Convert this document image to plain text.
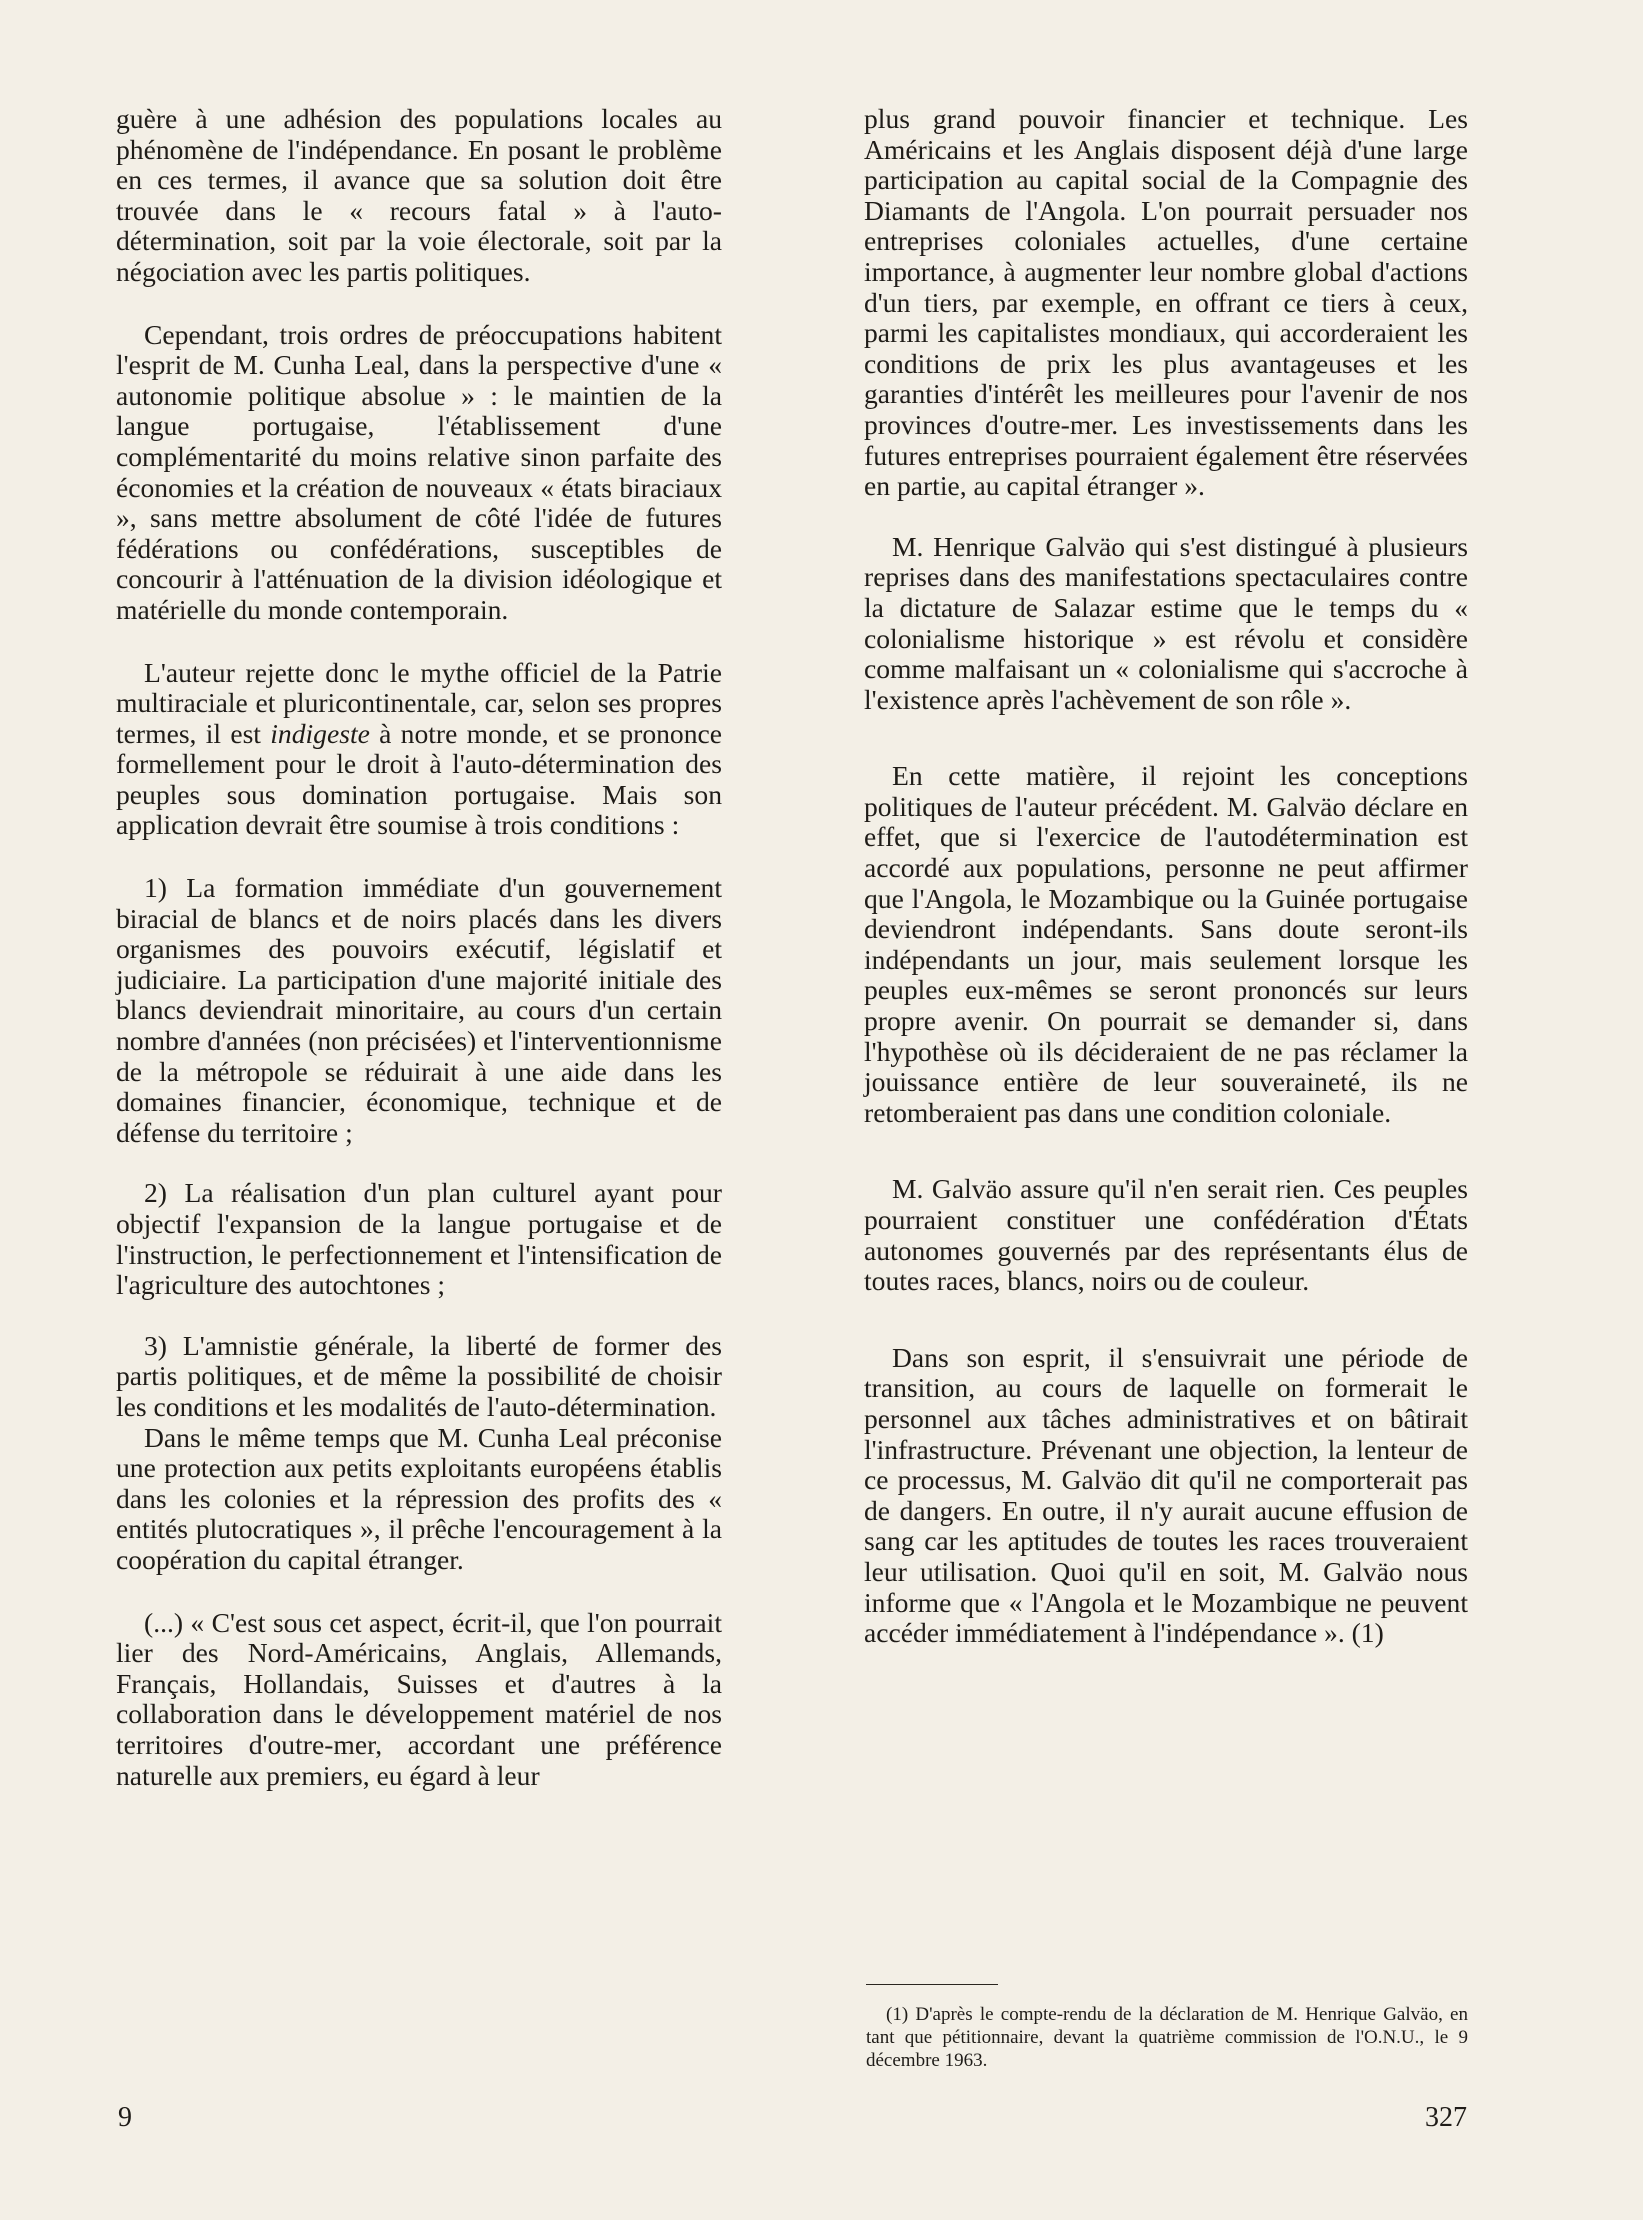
guère à une adhésion des populations locales au phénomène de l'indépendance. En posant le problème en ces termes, il avance que sa solution doit être trouvée dans le « recours fatal » à l'auto-détermination, soit par la voie électorale, soit par la négociation avec les partis politiques.

Cependant, trois ordres de préoccupations habitent l'esprit de M. Cunha Leal, dans la perspective d'une « autonomie politique absolue » : le maintien de la langue portugaise, l'établissement d'une complémentarité du moins relative sinon parfaite des économies et la création de nouveaux « états biraciaux », sans mettre absolument de côté l'idée de futures fédérations ou confédérations, susceptibles de concourir à l'atténuation de la division idéologique et matérielle du monde contemporain.

L'auteur rejette donc le mythe officiel de la Patrie multiraciale et pluricontinentale, car, selon ses propres termes, il est indigeste à notre monde, et se prononce formellement pour le droit à l'auto-détermination des peuples sous domination portugaise. Mais son application devrait être soumise à trois conditions :

1) La formation immédiate d'un gouvernement biracial de blancs et de noirs placés dans les divers organismes des pouvoirs exécutif, législatif et judiciaire. La participation d'une majorité initiale des blancs deviendrait minoritaire, au cours d'un certain nombre d'années (non précisées) et l'interventionnisme de la métropole se réduirait à une aide dans les domaines financier, économique, technique et de défense du territoire ;

2) La réalisation d'un plan culturel ayant pour objectif l'expansion de la langue portugaise et de l'instruction, le perfectionnement et l'intensification de l'agriculture des autochtones ;

3) L'amnistie générale, la liberté de former des partis politiques, et de même la possibilité de choisir les conditions et les modalités de l'auto-détermination.

Dans le même temps que M. Cunha Leal préconise une protection aux petits exploitants européens établis dans les colonies et la répression des profits des « entités plutocratiques », il prêche l'encouragement à la coopération du capital étranger.

(...) « C'est sous cet aspect, écrit-il, que l'on pourrait lier des Nord-Américains, Anglais, Allemands, Français, Hollandais, Suisses et d'autres à la collaboration dans le développement matériel de nos territoires d'outre-mer, accordant une préférence naturelle aux premiers, eu égard à leur

plus grand pouvoir financier et technique. Les Américains et les Anglais disposent déjà d'une large participation au capital social de la Compagnie des Diamants de l'Angola. L'on pourrait persuader nos entreprises coloniales actuelles, d'une certaine importance, à augmenter leur nombre global d'actions d'un tiers, par exemple, en offrant ce tiers à ceux, parmi les capitalistes mondiaux, qui accorderaient les conditions de prix les plus avantageuses et les garanties d'intérêt les meilleures pour l'avenir de nos provinces d'outre-mer. Les investissements dans les futures entreprises pourraient également être réservées en partie, au capital étranger ».

M. Henrique Galväo qui s'est distingué à plusieurs reprises dans des manifestations spectaculaires contre la dictature de Salazar estime que le temps du « colonialisme historique » est révolu et considère comme malfaisant un « colonialisme qui s'accroche à l'existence après l'achèvement de son rôle ».

En cette matière, il rejoint les conceptions politiques de l'auteur précédent. M. Galväo déclare en effet, que si l'exercice de l'autodétermination est accordé aux populations, personne ne peut affirmer que l'Angola, le Mozambique ou la Guinée portugaise deviendront indépendants. Sans doute seront-ils indépendants un jour, mais seulement lorsque les peuples eux-mêmes se seront prononcés sur leurs propre avenir. On pourrait se demander si, dans l'hypothèse où ils décideraient de ne pas réclamer la jouissance entière de leur souveraineté, ils ne retomberaient pas dans une condition coloniale.

M. Galväo assure qu'il n'en serait rien. Ces peuples pourraient constituer une confédération d'États autonomes gouvernés par des représentants élus de toutes races, blancs, noirs ou de couleur.

Dans son esprit, il s'ensuivrait une période de transition, au cours de laquelle on formerait le personnel aux tâches administratives et on bâtirait l'infrastructure. Prévenant une objection, la lenteur de ce processus, M. Galväo dit qu'il ne comporterait pas de dangers. En outre, il n'y aurait aucune effusion de sang car les aptitudes de toutes les races trouveraient leur utilisation. Quoi qu'il en soit, M. Galväo nous informe que « l'Angola et le Mozambique ne peuvent accéder immédiatement à l'indépendance ». (1)

(1) D'après le compte-rendu de la déclaration de M. Henrique Galväo, en tant que pétitionnaire, devant la quatrième commission de l'O.N.U., le 9 décembre 1963.

9	327
